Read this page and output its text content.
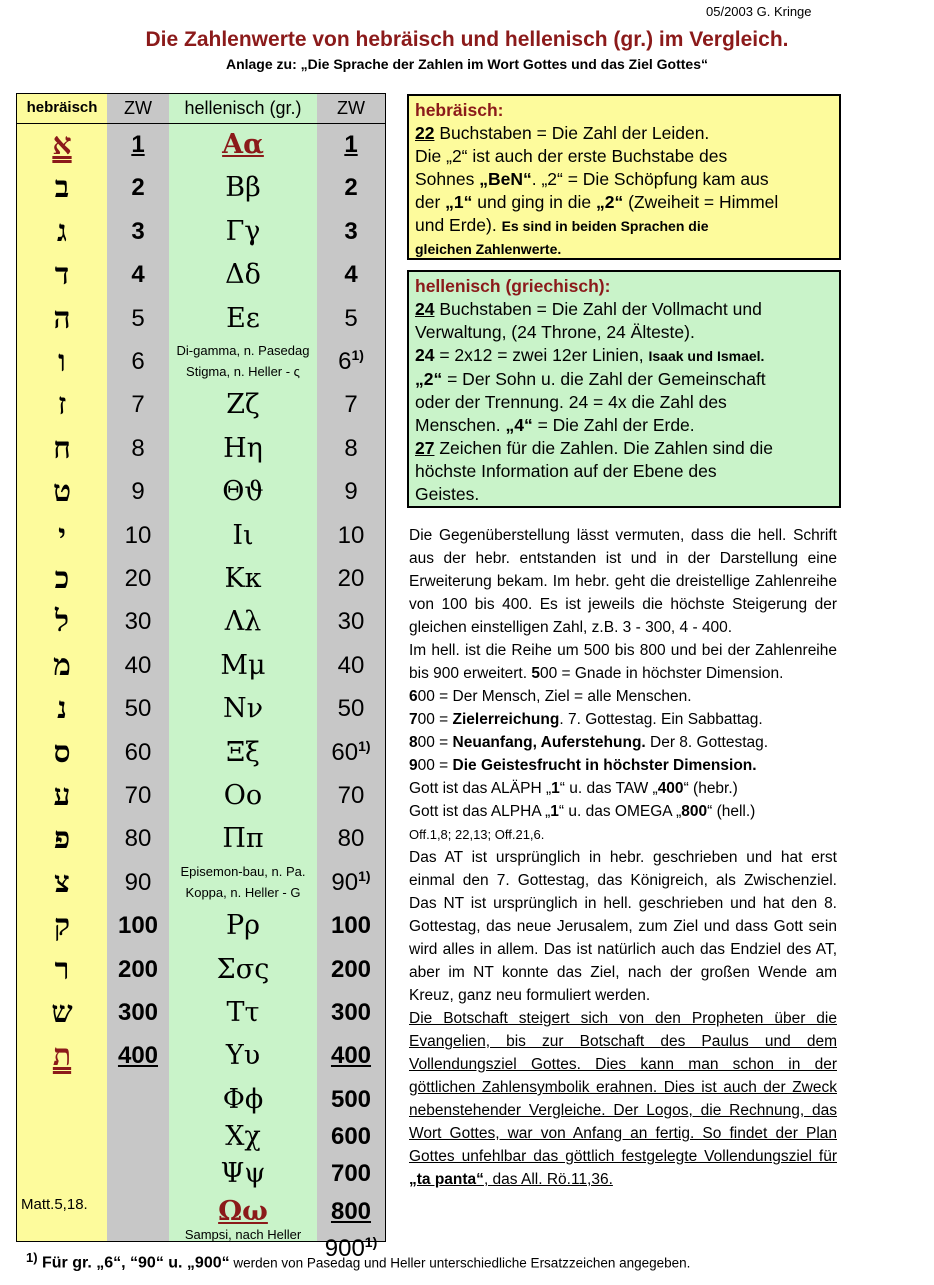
05/2003 G. Kringe
Die Zahlenwerte von hebräisch und hellenisch (gr.) im Vergleich.
Anlage zu: „Die Sprache der Zahlen im Wort Gottes und das Ziel Gottes“
hebräisch
א
ב
ג
ד
ה
ו
ז
ח
ט
י
כ
ל
מ
נ
ס
ע
פ
צ
ק
ר
ש
ת
Matt.5,18.
ZW
1
2
3
4
5
6
7
8
9
10
20
30
40
50
60
70
80
90
100
200
300
400
hellenisch (gr.)
Αα
Ββ
Γγ
Δδ
Εε
Ζζ
Ηη
Θϑ
Ιι
Κκ
Λλ
Μμ
Νν
Ξξ
Οο
Ππ
Ρρ
Σσς
Ττ
Υυ
Φϕ
Χχ
Ψψ
Ωω
Di-gamma, n. Pasedag
Stigma, n. Heller - ς
Episemon-bau, n. Pa.
Koppa, n. Heller - G
Sampsi, nach Heller
ZW
1
2
3
4
5
6$^{1)}$
7
8
9
10
20
30
40
50
60$^{1)}$
70
80
90$^{1)}$
100
200
300
400
500
600
700
800
900$^{1)}$
hebräisch:
22 Buchstaben = Die Zahl der Leiden.
Die „2“ ist auch der erste Buchstabe des
Sohnes „BeN“. „2“ = Die Schöpfung kam aus
der „1“ und ging in die „2“ (Zweiheit = Himmel
und Erde). Es sind in beiden Sprachen die
gleichen Zahlenwerte.
hellenisch (griechisch):
24 Buchstaben = Die Zahl der Vollmacht und
Verwaltung, (24 Throne, 24 Älteste).
24 = 2x12 = zwei 12er Linien, Isaak und Ismael.
„2“ = Der Sohn u. die Zahl der Gemeinschaft
oder der Trennung. 24 = 4x die Zahl des
Menschen. „4“ = Die Zahl der Erde.
27 Zeichen für die Zahlen. Die Zahlen sind die
höchste Information auf der Ebene des
Geistes.

Die Gegenüberstellung lässt vermuten, dass die hell. Schrift aus der hebr. entstanden ist und in der Darstellung eine Erweiterung bekam. Im hebr. geht die dreistellige Zahlenreihe von 100 bis 400. Es ist jeweils die höchste Steigerung der gleichen einstelligen Zahl, z.B. 3 - 300, 4 - 400.

Im hell. ist die Reihe um 500 bis 800 und bei der Zahlenreihe bis 900 erweitert. 500 = Gnade in höchster Dimension.

600 = Der Mensch, Ziel = alle Menschen.

700 = Zielerreichung. 7. Gottestag. Ein Sabbattag.

800 = Neuanfang, Auferstehung. Der 8. Gottestag.

900 = Die Geistesfrucht in höchster Dimension.

Gott ist das ALÄPH „1“ u. das TAW „400“ (hebr.)

Gott ist das ALPHA „1“ u. das OMEGA „800“ (hell.)

Off.1,8; 22,13; Off.21,6.

Das AT ist ursprünglich in hebr. geschrieben und hat erst einmal den 7. Gottestag, das Königreich, als Zwischenziel. Das NT ist ursprünglich in hell. geschrieben und hat den 8. Gottestag, das neue Jerusalem, zum Ziel und dass Gott sein wird alles in allem. Das ist natürlich auch das Endziel des AT, aber im NT konnte das Ziel, nach der großen Wende am Kreuz, ganz neu formuliert werden.

Die Botschaft steigert sich von den Propheten über die Evangelien, bis zur Botschaft des Paulus und dem Vollendungsziel Gottes. Dies kann man schon in der göttlichen Zahlensymbolik erahnen. Dies ist auch der Zweck nebenstehender Vergleiche. Der Logos, die Rechnung, das Wort Gottes, war von Anfang an fertig. So findet der Plan Gottes unfehlbar das göttlich festgelegte Vollendungsziel für „ta panta“, das All. Rö.11,36.

1) Für gr. „6“, “90“ u. „900“ werden von Pasedag und Heller unterschiedliche Ersatzzeichen angegeben.
